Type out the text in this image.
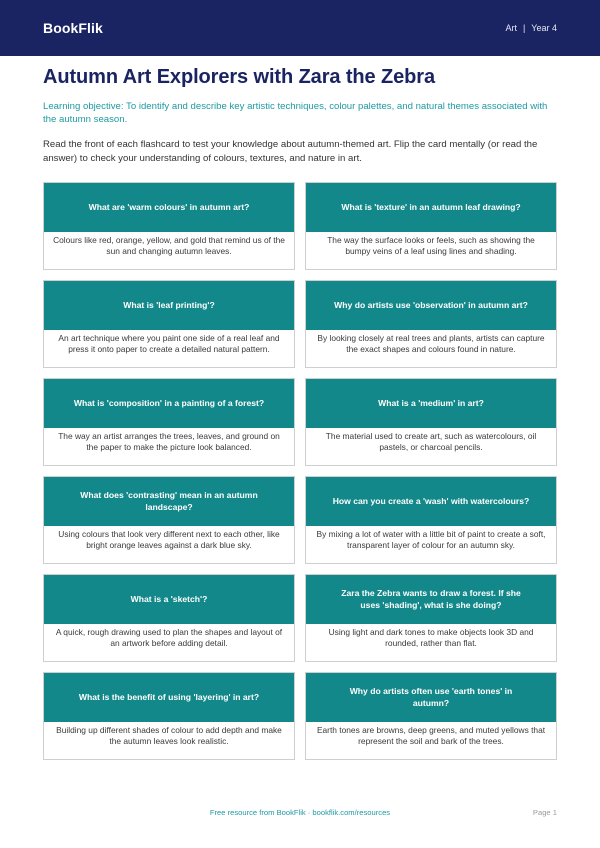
BookFlik	Art | Year 4
Autumn Art Explorers with Zara the Zebra

Learning objective: To identify and describe key artistic techniques, colour palettes, and natural themes associated with the autumn season.

Read the front of each flashcard to test your knowledge about autumn-themed art. Flip the card mentally (or read the answer) to check your understanding of colours, textures, and nature in art.

What are 'warm colours' in autumn art?
Colours like red, orange, yellow, and gold that remind us of the sun and changing autumn leaves.
What is 'texture' in an autumn leaf drawing?
The way the surface looks or feels, such as showing the bumpy veins of a leaf using lines and shading.
What is 'leaf printing'?
An art technique where you paint one side of a real leaf and press it onto paper to create a detailed natural pattern.
Why do artists use 'observation' in autumn art?
By looking closely at real trees and plants, artists can capture the exact shapes and colours found in nature.
What is 'composition' in a painting of a forest?
The way an artist arranges the trees, leaves, and ground on the paper to make the picture look balanced.
What is a 'medium' in art?
The material used to create art, such as watercolours, oil pastels, or charcoal pencils.
What does 'contrasting' mean in an autumn landscape?
Using colours that look very different next to each other, like bright orange leaves against a dark blue sky.
How can you create a 'wash' with watercolours?
By mixing a lot of water with a little bit of paint to create a soft, transparent layer of colour for an autumn sky.
What is a 'sketch'?
A quick, rough drawing used to plan the shapes and layout of an artwork before adding detail.
Zara the Zebra wants to draw a forest. If she uses 'shading', what is she doing?
Using light and dark tones to make objects look 3D and rounded, rather than flat.
What is the benefit of using 'layering' in art?
Building up different shades of colour to add depth and make the autumn leaves look realistic.
Why do artists often use 'earth tones' in autumn?
Earth tones are browns, deep greens, and muted yellows that represent the soil and bark of the trees.
Free resource from BookFlik · bookflik.com/resources	Page 1
